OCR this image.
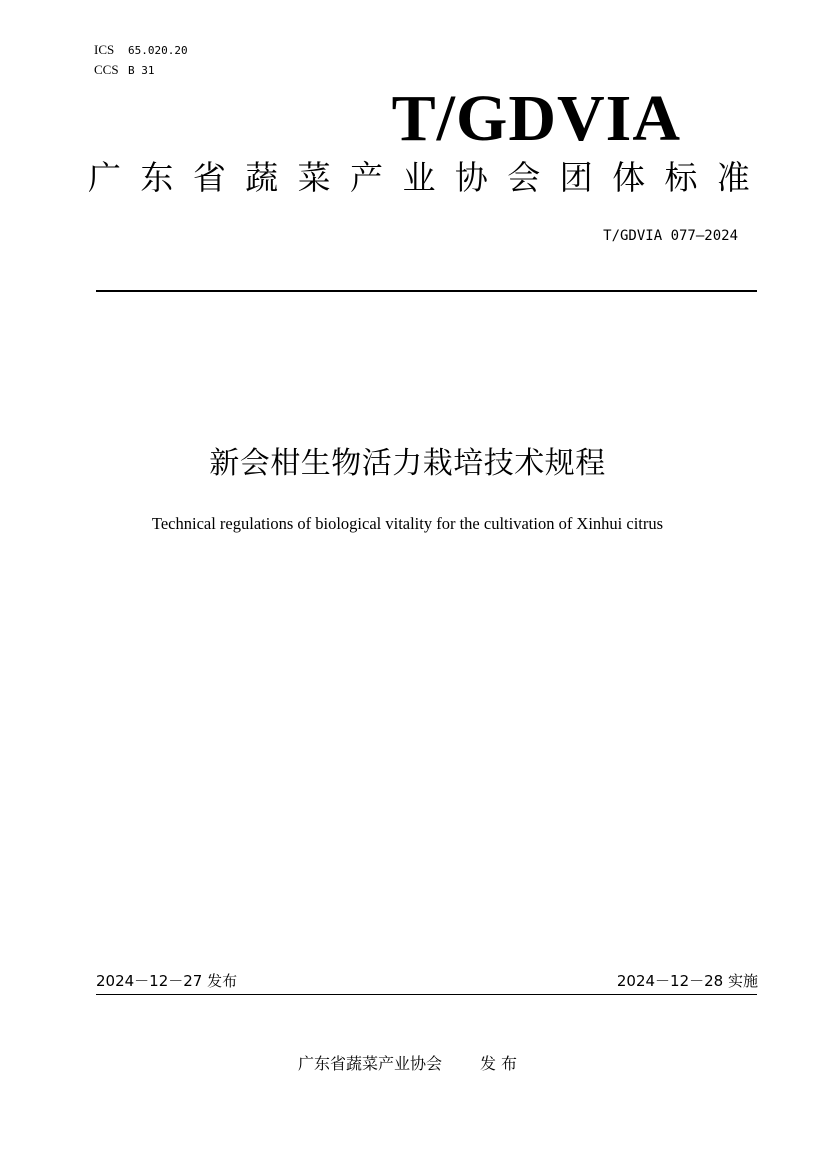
ICS 65.020.20
CCS B 31
T/GDVIA
广 东 省 蔬 菜 产 业 协 会 团 体 标 准
T/GDVIA 077—2024
新会柑生物活力栽培技术规程
Technical regulations of biological vitality for the cultivation of Xinhui citrus
2024－12－27 发布	2024－12－28 实施
广东省蔬菜产业协会 发 布
